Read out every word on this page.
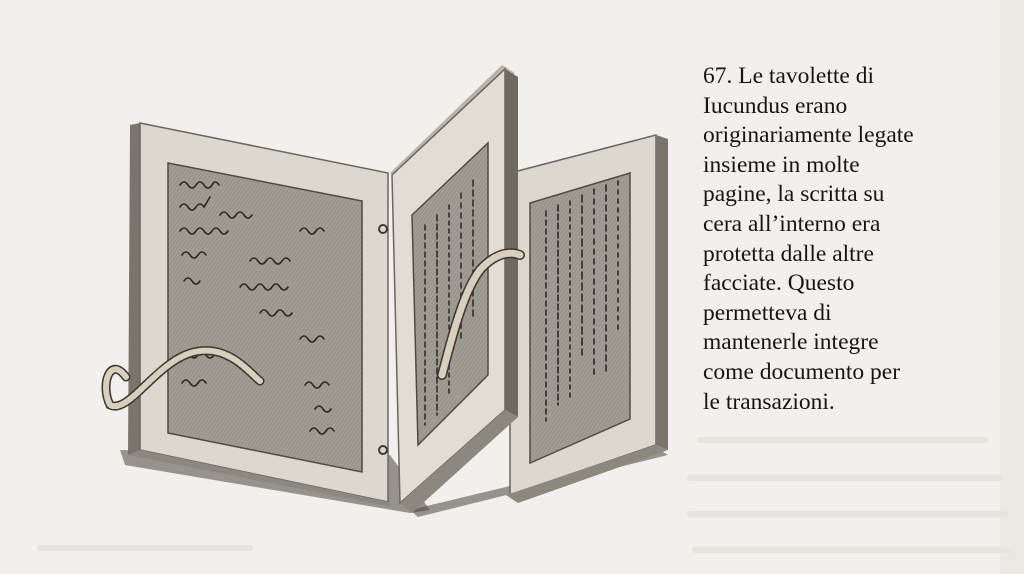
67. Le tavolette di
Iucundus erano
originariamente legate
insieme in molte
pagine, la scritta su
cera all’interno era
protetta dalle altre
facciate. Questo
permetteva di
mantenerle integre
come documento per
le transazioni.
